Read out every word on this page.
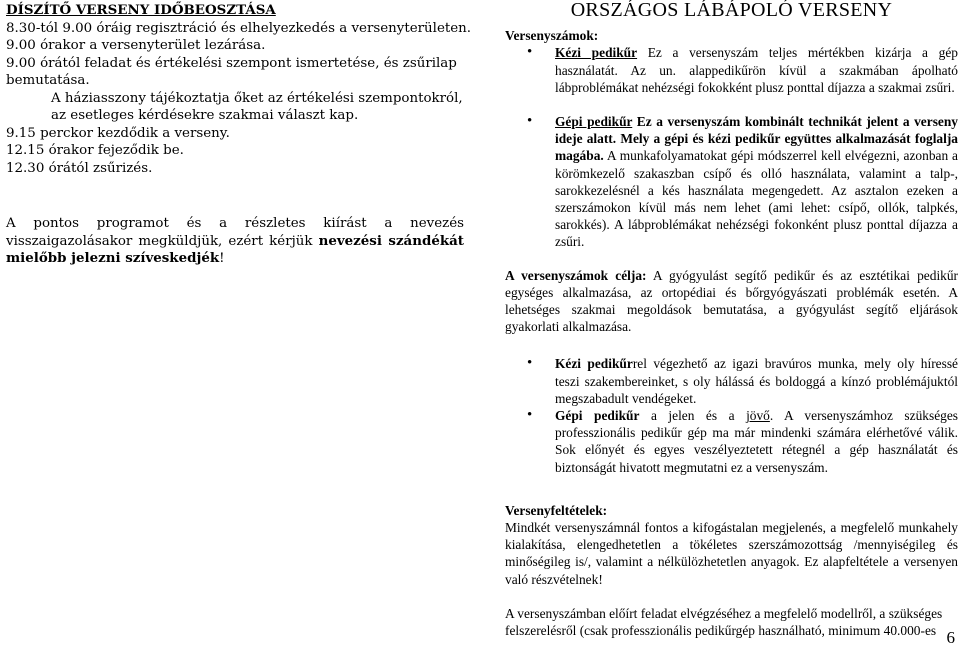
DÍSZÍTŐ VERSENY IDŐBEOSZTÁSA
8.30-tól 9.00 óráig regisztráció és elhelyezkedés a versenyterületen.
9.00 órakor a versenyterület lezárása.
9.00 órától feladat és értékelési szempont ismertetése, és zsűrilap
bemutatása.
A háziasszony tájékoztatja őket az értékelési szempontokról,
az esetleges kérdésekre szakmai választ kap.
9.15 perckor kezdődik a verseny.
12.15 órakor fejeződik be.
12.30 órától zsűrizés.

A pontos programot és a részletes kiírást a nevezés visszaigazolásakor megküldjük, ezért kérjük nevezési szándékát mielőbb jelezni szíveskedjék!

ORSZÁGOS LÁBÁPOLÓ VERSENY
Versenyszámok:
• Kézi pedikűr Ez a versenyszám teljes mértékben kizárja a gép használatát. Az un. alappedikűrön kívül a szakmában ápolható lábproblémákat nehézségi fokokként plusz ponttal díjazza a szakmai zsűri.
• Gépi pedikűr Ez a versenyszám kombinált technikát jelent a verseny ideje alatt. Mely a gépi és kézi pedikűr együttes alkalmazását foglalja magába. A munkafolyamatokat gépi módszerrel kell elvégezni, azonban a körömkezelő szakaszban csípő és olló használata, valamint a talp-, sarokkezelésnél a kés használata megengedett. Az asztalon ezeken a szerszámokon kívül más nem lehet (ami lehet: csípő, ollók, talpkés, sarokkés). A lábproblémákat nehézségi fokonként plusz ponttal díjazza a zsűri.
A versenyszámok célja: A gyógyulást segítő pedikűr és az esztétikai pedikűr egységes alkalmazása, az ortopédiai és bőrgyógyászati problémák esetén. A lehetséges szakmai megoldások bemutatása, a gyógyulást segítő eljárások gyakorlati alkalmazása.
• Kézi pedikűrrel végezhető az igazi bravúros munka, mely oly híressé teszi szakembereinket, s oly hálássá és boldoggá a kínzó problémájuktól megszabadult vendégeket.
• Gépi pedikűr a jelen és a jövő. A versenyszámhoz szükséges professzionális pedikűr gép ma már mindenki számára elérhetővé válik. Sok előnyét és egyes veszélyeztetett rétegnél a gép használatát és biztonságát hivatott megmutatni ez a versenyszám.
Versenyfeltételek:
Mindkét versenyszámnál fontos a kifogástalan megjelenés, a megfelelő munkahely kialakítása, elengedhetetlen a tökéletes szerszámozottság /mennyiségileg és minőségileg is/, valamint a nélkülözhetetlen anyagok. Ez alapfeltétele a versenyen való részvételnek!
A versenyszámban előírt feladat elvégzéséhez a megfelelő modellről, a szükséges
felszerelésről (csak professzionális pedikűrgép használható, minimum 40.000-es 6
